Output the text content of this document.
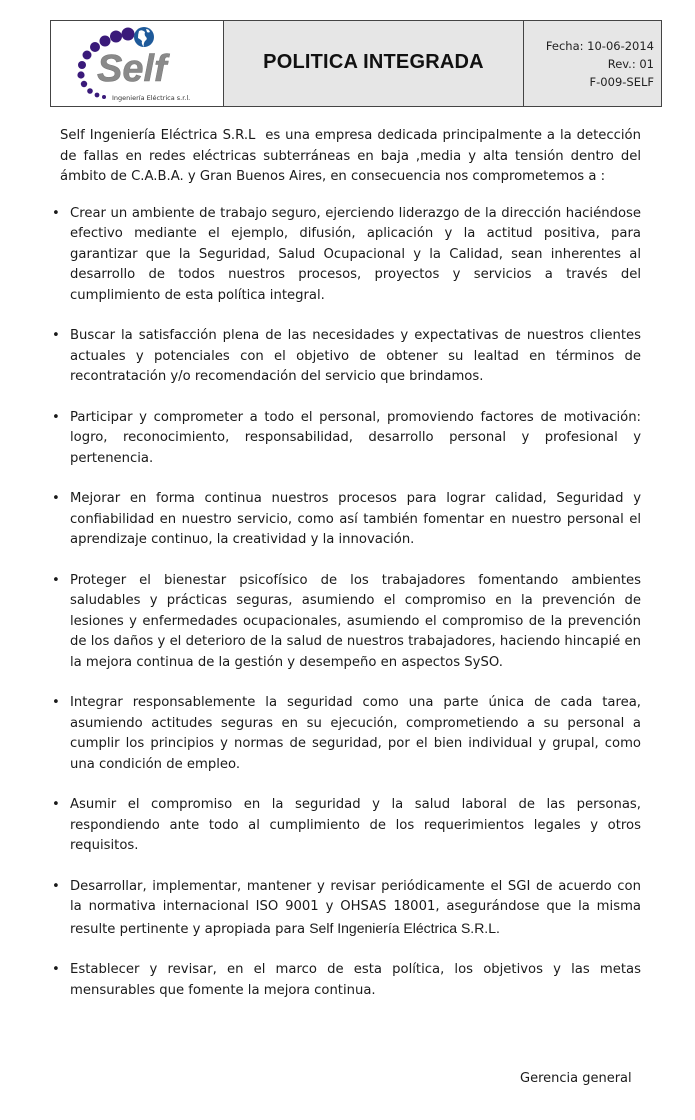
Self
Ingeniería Eléctrica s.r.l.
POLITICA INTEGRADA
Fecha: 10-06-2014
Rev.: 01
F-009-SELF

Self Ingeniería Eléctrica S.R.L  es una empresa dedicada principalmente a la detección de fallas en redes eléctricas subterráneas en baja ,media y alta tensión dentro del ámbito de C.A.B.A. y Gran Buenos Aires, en consecuencia nos comprometemos a :

• Crear un ambiente de trabajo seguro, ejerciendo liderazgo de la dirección haciéndose efectivo mediante el ejemplo, difusión, aplicación y la actitud positiva, para garantizar que la Seguridad, Salud Ocupacional y la Calidad, sean inherentes al desarrollo de todos nuestros procesos, proyectos y servicios a través del cumplimiento de esta política integral.
• Buscar la satisfacción plena de las necesidades y expectativas de nuestros clientes actuales y potenciales con el objetivo de obtener su lealtad en términos de recontratación y/o recomendación del servicio que brindamos.
• Participar y comprometer a todo el personal, promoviendo factores de motivación: logro, reconocimiento, responsabilidad, desarrollo personal y profesional y pertenencia.
• Mejorar en forma continua nuestros procesos para lograr calidad, Seguridad y confiabilidad en nuestro servicio, como así también fomentar en nuestro personal el aprendizaje continuo, la creatividad y la innovación.
• Proteger el bienestar psicofísico de los trabajadores fomentando ambientes saludables y prácticas seguras, asumiendo el compromiso en la prevención de lesiones y enfermedades ocupacionales, asumiendo el compromiso de la prevención de los daños y el deterioro de la salud de nuestros trabajadores, haciendo hincapié en la mejora continua de la gestión y desempeño en aspectos SySO.
• Integrar responsablemente la seguridad como una parte única de cada tarea, asumiendo actitudes seguras en su ejecución, comprometiendo a su personal a cumplir los principios y normas de seguridad, por el bien individual y grupal, como una condición de empleo.
• Asumir el compromiso en la seguridad y la salud laboral de las personas, respondiendo ante todo al cumplimiento de los requerimientos legales y otros requisitos.
• Desarrollar, implementar, mantener y revisar periódicamente el SGI de acuerdo con la normativa internacional ISO 9001 y OHSAS 18001, asegurándose que la misma resulte pertinente y apropiada para Self Ingeniería Eléctrica S.R.L.
• Establecer y revisar, en el marco de esta política, los objetivos y las metas mensurables que fomente la mejora continua.
Gerencia general
